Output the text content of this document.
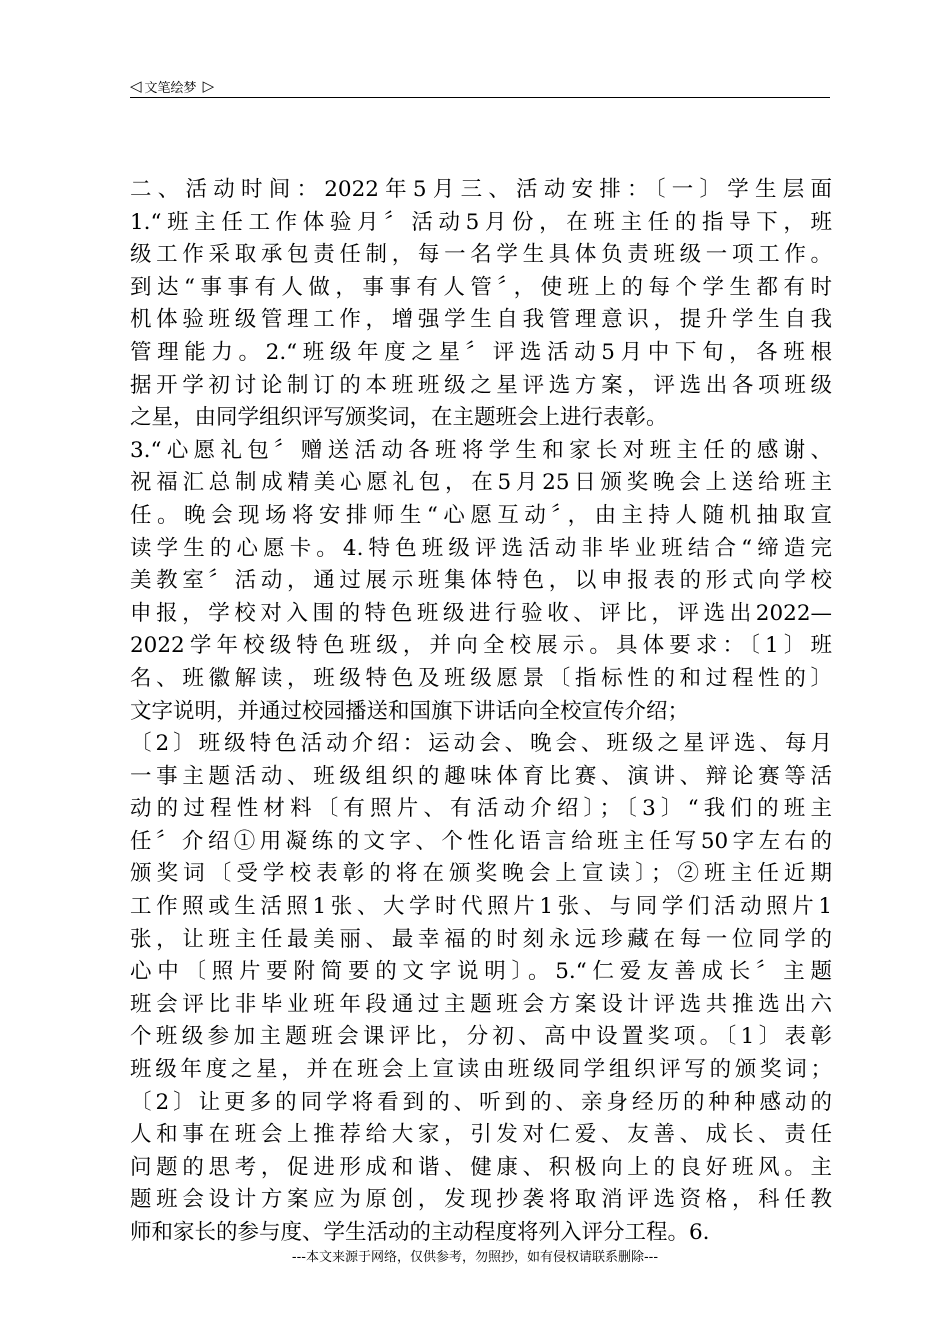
◁ 文笔绘梦 ▷
二、活动时间：2022年5月三、活动安排：〔一〕学生层面
1.“班主任工作体验月〞活动5月份，在班主任的指导下，班
级工作采取承包责任制，每一名学生具体负责班级一项工作。
到达“事事有人做，事事有人管〞，使班上的每个学生都有时
机体验班级管理工作，增强学生自我管理意识，提升学生自我
管理能力。2.“班级年度之星〞评选活动5月中下旬，各班根
据开学初讨论制订的本班班级之星评选方案，评选出各项班级
之星，由同学组织评写颁奖词，在主题班会上进行表彰。
3.“心愿礼包〞赠送活动各班将学生和家长对班主任的感谢、
祝福汇总制成精美心愿礼包，在5月25日颁奖晚会上送给班主
任。晚会现场将安排师生“心愿互动〞，由主持人随机抽取宣
读学生的心愿卡。4.特色班级评选活动非毕业班结合“缔造完
美教室〞活动，通过展示班集体特色，以申报表的形式向学校
申报，学校对入围的特色班级进行验收、评比，评选出2022—
2022学年校级特色班级，并向全校展示。具体要求：〔1〕班
名、班徽解读，班级特色及班级愿景〔指标性的和过程性的〕
文字说明，并通过校园播送和国旗下讲话向全校宣传介绍；
〔2〕班级特色活动介绍：运动会、晚会、班级之星评选、每月
一事主题活动、班级组织的趣味体育比赛、演讲、辩论赛等活
动的过程性材料〔有照片、有活动介绍〕；〔3〕“我们的班主
任〞介绍①用凝练的文字、个性化语言给班主任写50字左右的
颁奖词〔受学校表彰的将在颁奖晚会上宣读〕；②班主任近期
工作照或生活照1张、大学时代照片1张、与同学们活动照片1
张，让班主任最美丽、最幸福的时刻永远珍藏在每一位同学的
心中〔照片要附简要的文字说明〕。5.“仁爱友善成长〞主题
班会评比非毕业班年段通过主题班会方案设计评选共推选出六
个班级参加主题班会课评比，分初、高中设置奖项。〔1〕表彰
班级年度之星，并在班会上宣读由班级同学组织评写的颁奖词；
〔2〕让更多的同学将看到的、听到的、亲身经历的种种感动的
人和事在班会上推荐给大家，引发对仁爱、友善、成长、责任
问题的思考，促进形成和谐、健康、积极向上的良好班风。主
题班会设计方案应为原创，发现抄袭将取消评选资格，科任教
师和家长的参与度、学生活动的主动程度将列入评分工程。6.
---本文来源于网络，仅供参考，勿照抄，如有侵权请联系删除---
